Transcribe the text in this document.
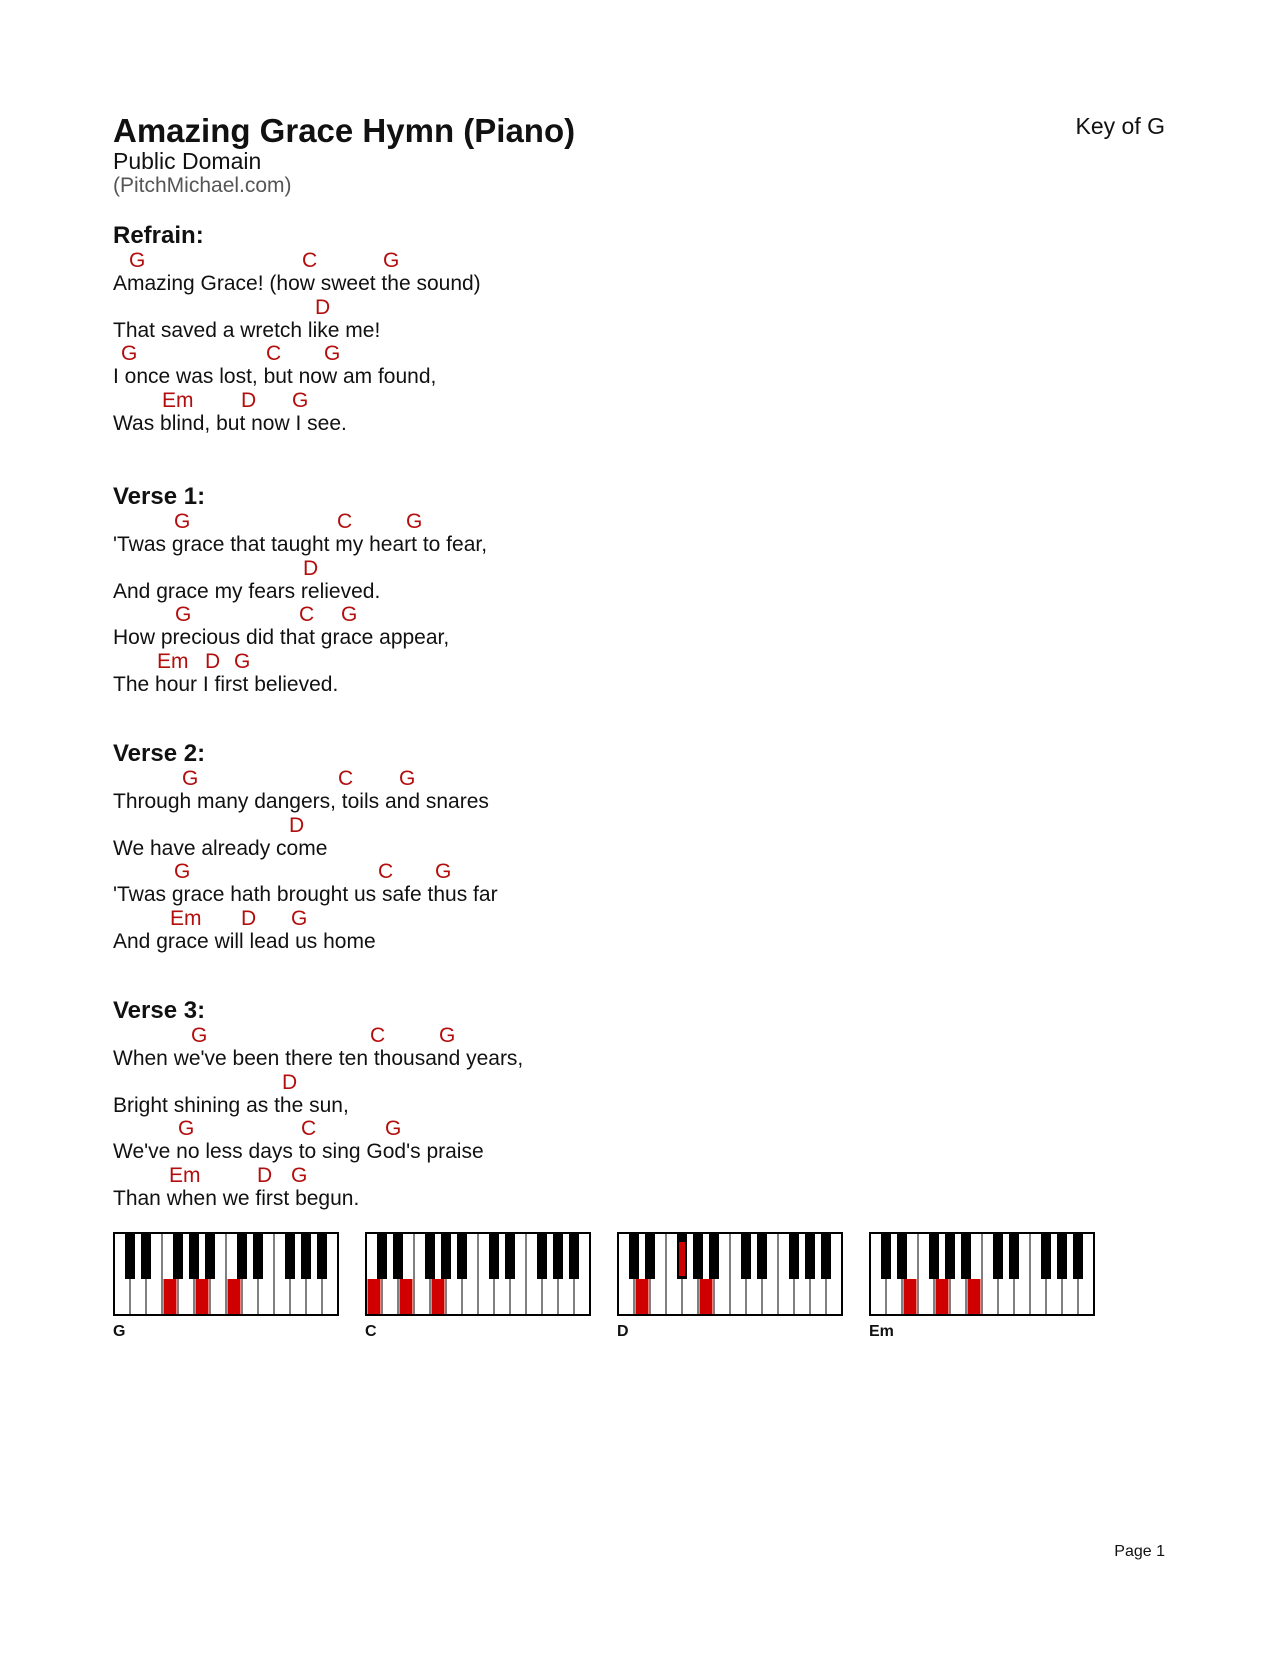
Amazing Grace Hymn (Piano)
Public Domain
(PitchMichael.com)
Key of G
Refrain:
G	C	G
Amazing Grace! (how sweet the sound)
D
That saved a wretch like me!
G	C G
I once was lost, but now am found,
Em D G
Was blind, but now I see.
Verse 1:
G	C	G
'Twas grace that taught my heart to fear,
D
And grace my fears relieved.
G	C G
How precious did that grace appear,
Em D G
The hour I first believed.
Verse 2:
G	C G
Through many dangers, toils and snares
D
We have already come
G	C G
'Twas grace hath brought us safe thus far
Em D G
And grace will lead us home
Verse 3:
G	C	G
When we've been there ten thousand years,
D
Bright shining as the sun,
G	C	G
We've no less days to sing God's praise
Em	D G
Than when we first begun.
G	C	D	Em
Page 1
